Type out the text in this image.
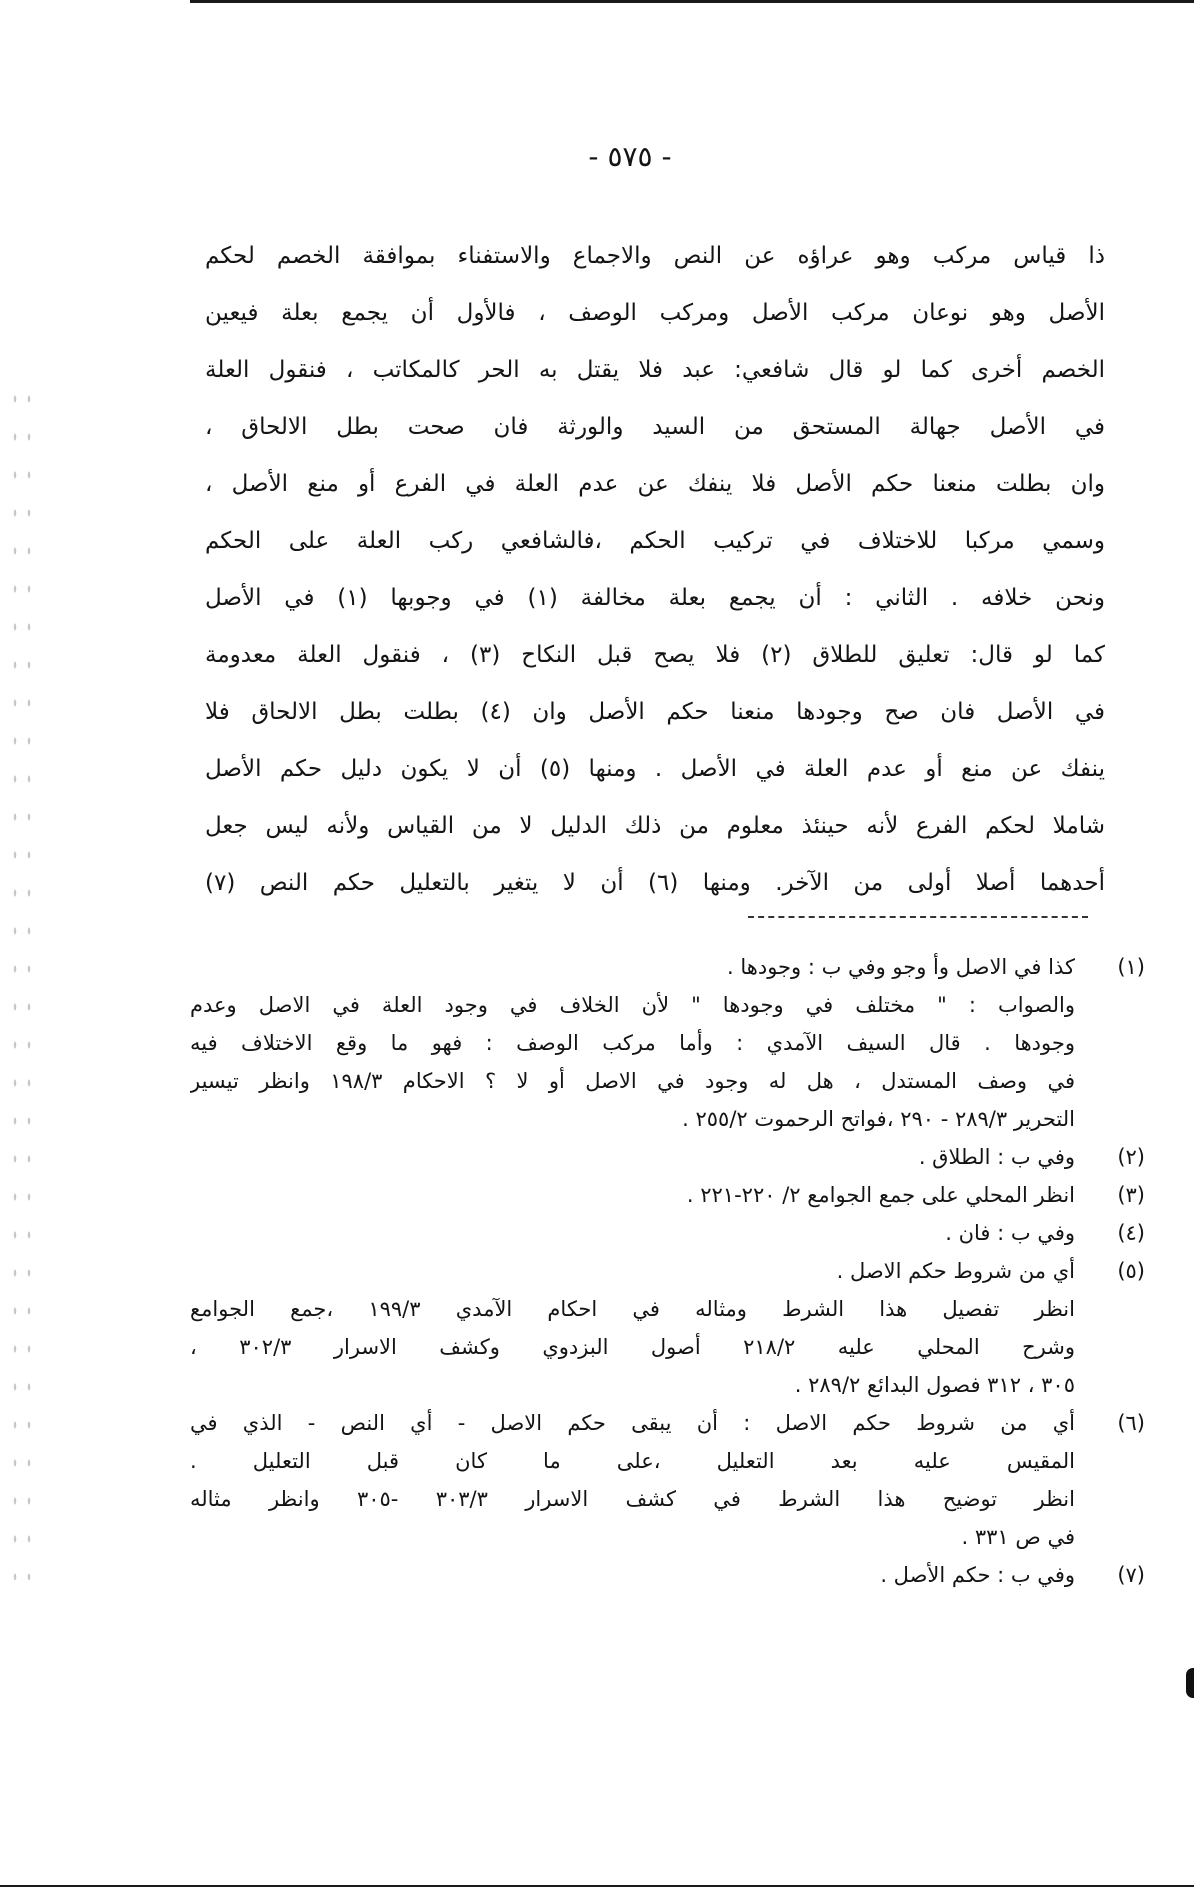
- ٥٧٥ -
ذا قياس مركب وهو عراؤه عن النص والاجماع والاستفناء بموافقة الخصم لحكم
الأصل وهو نوعان مركب الأصل ومركب الوصف ، فالأول أن يجمع بعلة فيعين
الخصم أخرى كما لو قال شافعي: عبد فلا يقتل به الحر كالمكاتب ، فنقول العلة
في الأصل جهالة المستحق من السيد والورثة فان صحت بطل الالحاق ،
وان بطلت منعنا حكم الأصل فلا ينفك عن عدم العلة في الفرع أو منع الأصل ،
وسمي مركبا للاختلاف في تركيب الحكم ،فالشافعي ركب العلة على الحكم
ونحن خلافه . الثاني : أن يجمع بعلة مخالفة (١) في وجوبها (١) في الأصل
كما لو قال: تعليق للطلاق (٢) فلا يصح قبل النكاح (٣) ، فنقول العلة معدومة
في الأصل فان صح وجودها منعنا حكم الأصل وان (٤) بطلت بطل الالحاق فلا
ينفك عن منع أو عدم العلة في الأصل . ومنها (٥) أن لا يكون دليل حكم الأصل
شاملا لحكم الفرع لأنه حينئذ معلوم من ذلك الدليل لا من القياس ولأنه ليس جعل
أحدهما أصلا أولى من الآخر. ومنها (٦) أن لا يتغير بالتعليل حكم النص (٧)
(١)
كذا في الاصل وأ وجو وفي ب : وجودها .
والصواب : " مختلف في وجودها " لأن الخلاف في وجود العلة في الاصل وعدم
وجودها . قال السيف الآمدي : وأما مركب الوصف : فهو ما وقع الاختلاف فيه
في وصف المستدل ، هل له وجود في الاصل أو لا ؟ الاحكام ١٩٨/٣ وانظر تيسير
التحرير ٢٨٩/٣ - ٢٩٠ ،فواتح الرحموت ٢٥٥/٢ .
(٢)
وفي ب : الطلاق .
(٣)
انظر المحلي على جمع الجوامع ٢/ ٢٢٠-٢٢١ .
(٤)
وفي ب : فان .
(٥)
أي من شروط حكم الاصل .
انظر تفصيل هذا الشرط ومثاله في احكام الآمدي ١٩٩/٣ ،جمع الجوامع
وشرح المحلي عليه ٢١٨/٢ أصول البزدوي وكشف الاسرار ٣٠٢/٣ ،
٣٠٥ ، ٣١٢ فصول البدائع ٢٨٩/٢ .
(٦)
أي من شروط حكم الاصل : أن يبقى حكم الاصل - أي النص - الذي في
المقيس عليه بعد التعليل ،على ما كان قبل التعليل .
انظر توضيح هذا الشرط في كشف الاسرار ٣٠٣/٣ -٣٠٥ وانظر مثاله
في ص ٣٣١ .
(٧)
وفي ب : حكم الأصل .
